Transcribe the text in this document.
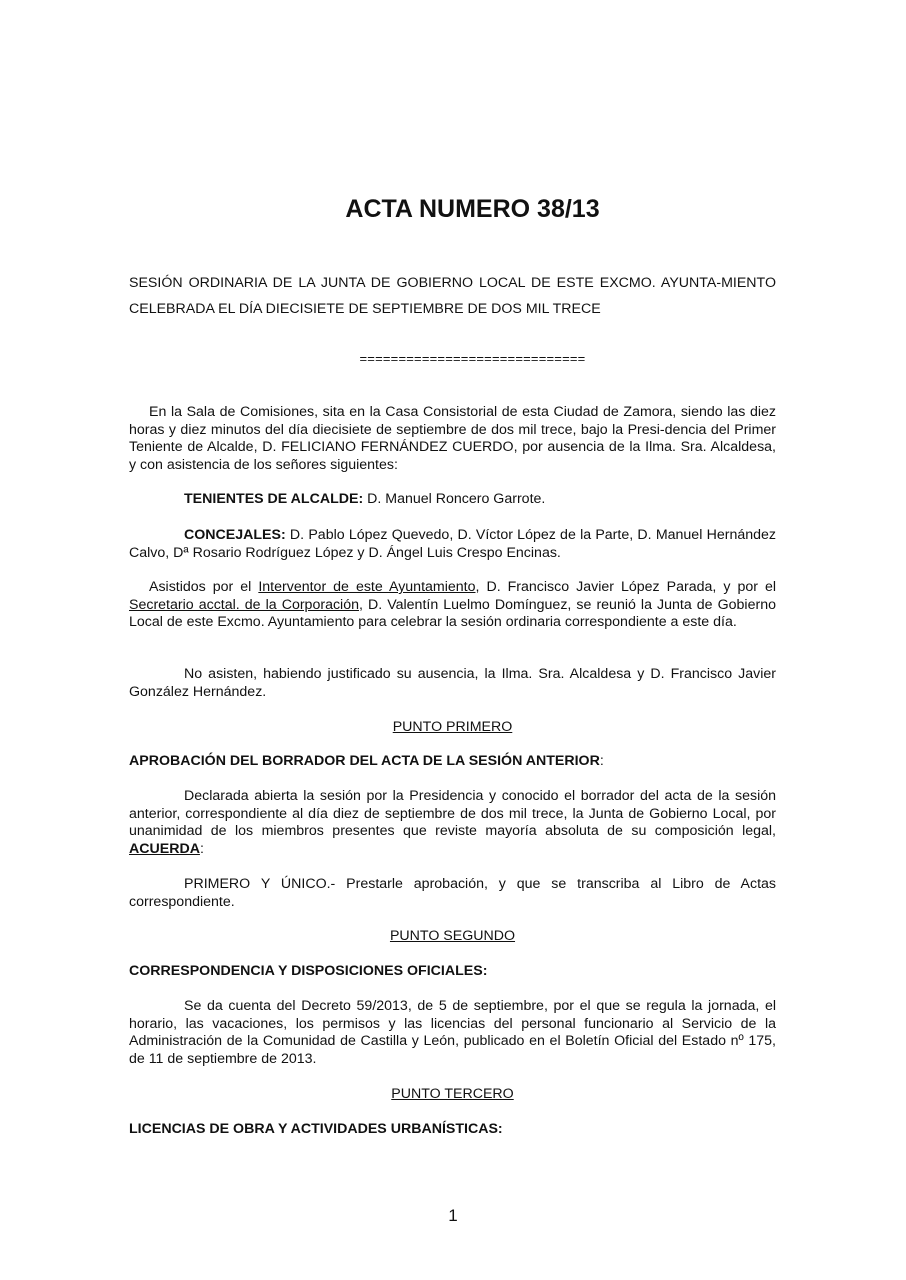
ACTA NUMERO 38/13
SESIÓN ORDINARIA DE LA JUNTA DE GOBIERNO LOCAL DE ESTE EXCMO. AYUNTA-MIENTO CELEBRADA EL DÍA DIECISIETE DE SEPTIEMBRE DE DOS MIL TRECE
=============================
En la Sala de Comisiones, sita en la Casa Consistorial de esta Ciudad de Zamora, siendo las diez horas y diez minutos del día diecisiete de septiembre de dos mil trece, bajo la Presi-dencia del Primer Teniente de Alcalde, D. FELICIANO FERNÁNDEZ CUERDO, por ausencia de la Ilma. Sra. Alcaldesa, y con asistencia de los señores siguientes:
TENIENTES DE ALCALDE: D. Manuel Roncero Garrote.
CONCEJALES: D. Pablo López Quevedo, D. Víctor López de la Parte, D. Manuel Hernández Calvo, Dª Rosario Rodríguez López y D. Ángel Luis Crespo Encinas.
Asistidos por el Interventor de este Ayuntamiento, D. Francisco Javier López Parada, y por el Secretario acctal. de la Corporación, D. Valentín Luelmo Domínguez, se reunió la Junta de Gobierno Local de este Excmo. Ayuntamiento para celebrar la sesión ordinaria correspondiente a este día.
No asisten, habiendo justificado su ausencia, la Ilma. Sra. Alcaldesa y D. Francisco Javier González Hernández.
PUNTO PRIMERO
APROBACIÓN DEL BORRADOR DEL ACTA DE LA SESIÓN ANTERIOR:
Declarada abierta la sesión por la Presidencia y conocido el borrador del acta de la sesión anterior, correspondiente al día diez de septiembre de dos mil trece, la Junta de Gobierno Local, por unanimidad de los miembros presentes que reviste mayoría absoluta de su composición legal, ACUERDA:
PRIMERO Y ÚNICO.- Prestarle aprobación, y que se transcriba al Libro de Actas correspondiente.
PUNTO SEGUNDO
CORRESPONDENCIA Y DISPOSICIONES OFICIALES:
Se da cuenta del Decreto 59/2013, de 5 de septiembre, por el que se regula la jornada, el horario, las vacaciones, los permisos y las licencias del personal funcionario al Servicio de la Administración de la Comunidad de Castilla y León, publicado en el Boletín Oficial del Estado nº 175, de 11 de septiembre de 2013.
PUNTO TERCERO
LICENCIAS DE OBRA Y ACTIVIDADES URBANÍSTICAS:
1
